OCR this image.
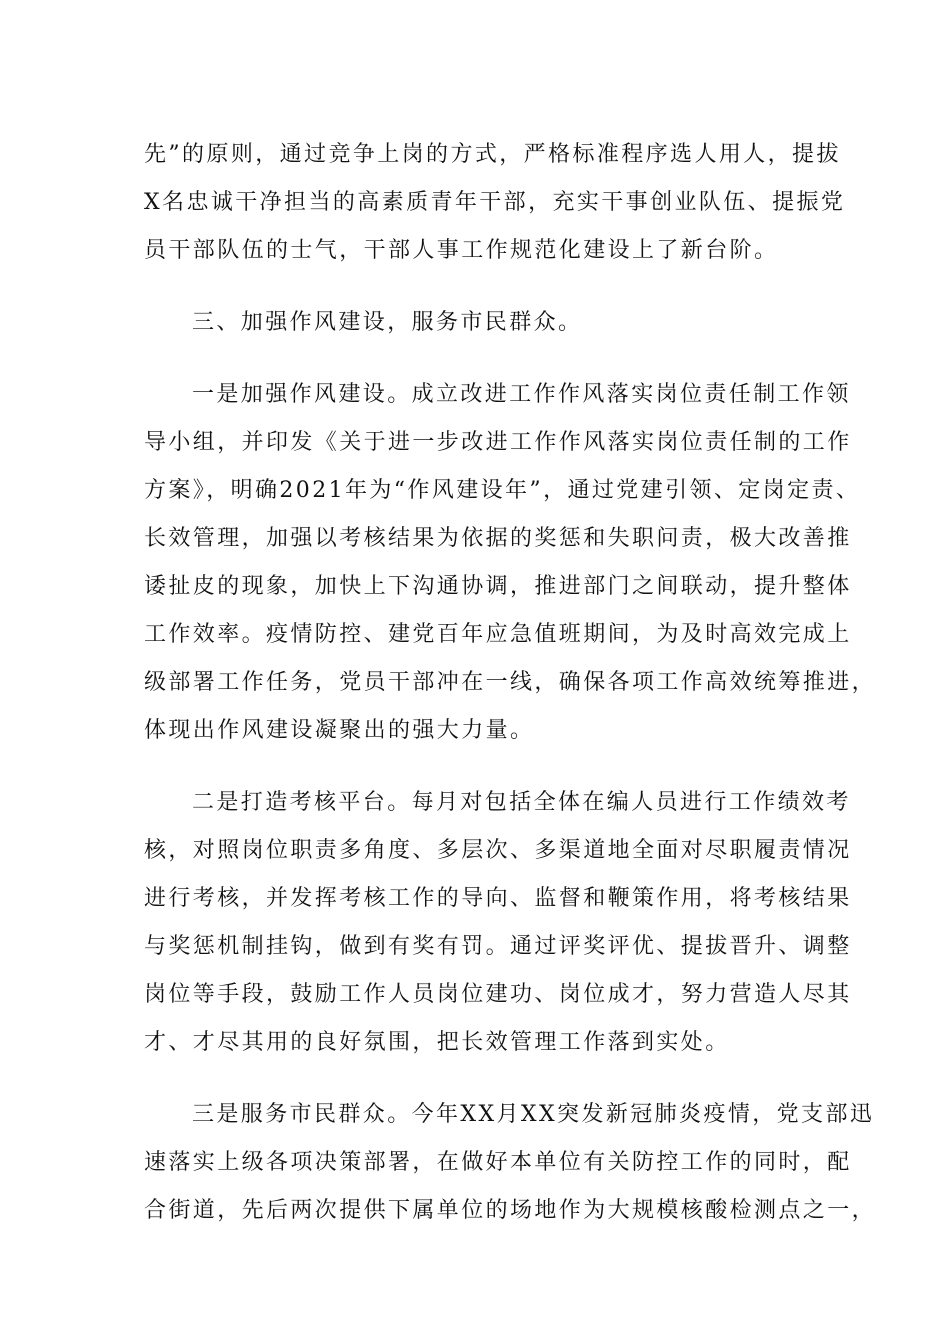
先”的原则，通过竞争上岗的方式，严格标准程序选人用人，提拔
X名忠诚干净担当的高素质青年干部，充实干事创业队伍、提振党
员干部队伍的士气，干部人事工作规范化建设上了新台阶。
三、加强作风建设，服务市民群众。
一是加强作风建设。成立改进工作作风落实岗位责任制工作领
导小组，并印发《关于进一步改进工作作风落实岗位责任制的工作
方案》，明确2021年为“作风建设年”，通过党建引领、定岗定责、
长效管理，加强以考核结果为依据的奖惩和失职问责，极大改善推
诿扯皮的现象，加快上下沟通协调，推进部门之间联动，提升整体
工作效率。疫情防控、建党百年应急值班期间，为及时高效完成上
级部署工作任务，党员干部冲在一线，确保各项工作高效统筹推进，
体现出作风建设凝聚出的强大力量。
二是打造考核平台。每月对包括全体在编人员进行工作绩效考
核，对照岗位职责多角度、多层次、多渠道地全面对尽职履责情况
进行考核，并发挥考核工作的导向、监督和鞭策作用，将考核结果
与奖惩机制挂钩，做到有奖有罚。通过评奖评优、提拔晋升、调整
岗位等手段，鼓励工作人员岗位建功、岗位成才，努力营造人尽其
才、才尽其用的良好氛围，把长效管理工作落到实处。
三是服务市民群众。今年XX月XX突发新冠肺炎疫情，党支部迅
速落实上级各项决策部署，在做好本单位有关防控工作的同时，配
合街道，先后两次提供下属单位的场地作为大规模核酸检测点之一，
